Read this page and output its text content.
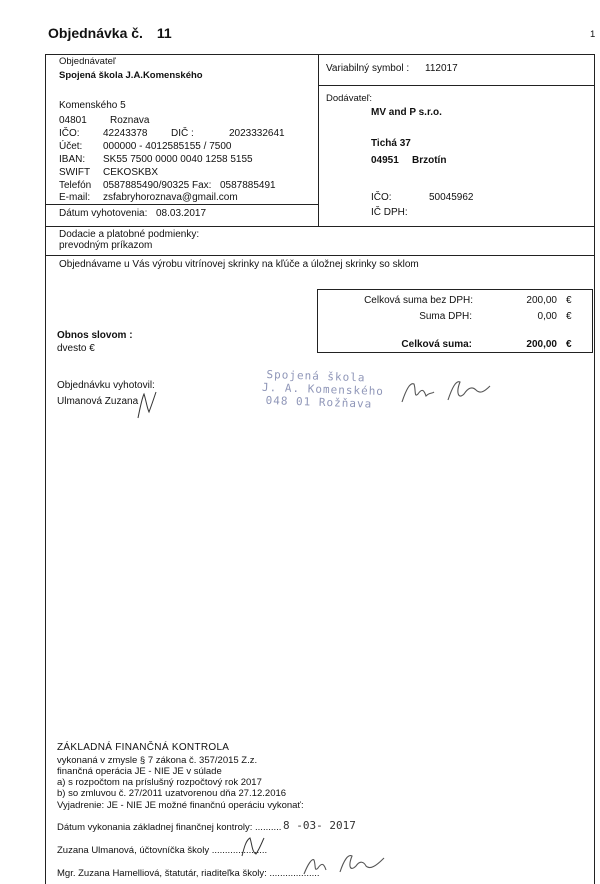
Objednávka č. 11	1
Objednávateľ
Spojená škola J.A.Komenského
Komenského 5
04801 Roznava
IČO: 42243378 DIČ :	2023332641
Účet: 000000 - 4012585155 / 7500
IBAN: SK55 7500 0000 0040 1258 5155
SWIFT CEKOSKBX
Telefón 0587885490/90325 Fax: 0587885491
E-mail: zsfabryhoroznava@gmail.com
Dátum vyhotovenia: 08.03.2017
Variabilný symbol : 112017
Dodávateľ:
MV and P s.r.o.
Tichá 37
04951 Brzotín
IČO:	50045962
IČ DPH:
Dodacie a platobné podmienky:
prevodným príkazom
Objednávame u Vás výrobu vitrínovej skrinky na kľúče a úložnej skrinky so sklom
Celková suma bez DPH:	200,00 €
Suma DPH:	0,00 €
Celková suma:	200,00 €
Obnos slovom :
dvesto €
Objednávku vyhotovil:
Ulmanová Zuzana
Spojená škola
J. A. Komenského
048 01 Rožňava
ZÁKLADNÁ FINANČNÁ KONTROLA
vykonaná v zmysle § 7 zákona č. 357/2015 Z.z.
finančná operácia JE - NIE JE v súlade
a) s rozpočtom na príslušný rozpočtový rok 2017
b) so zmluvou č. 27/2011 uzatvorenou dňa 27.12.2016
Vyjadrenie: JE - NIE JE možné finančnú operáciu vykonať:
Dátum vykonania základnej finančnej kontroly: .......... 8 -03- 2017
Zuzana Ulmanová, účtovníčka školy .....................
Mgr. Zuzana Hamelliová, štatutár, riaditeľka školy: ...................
